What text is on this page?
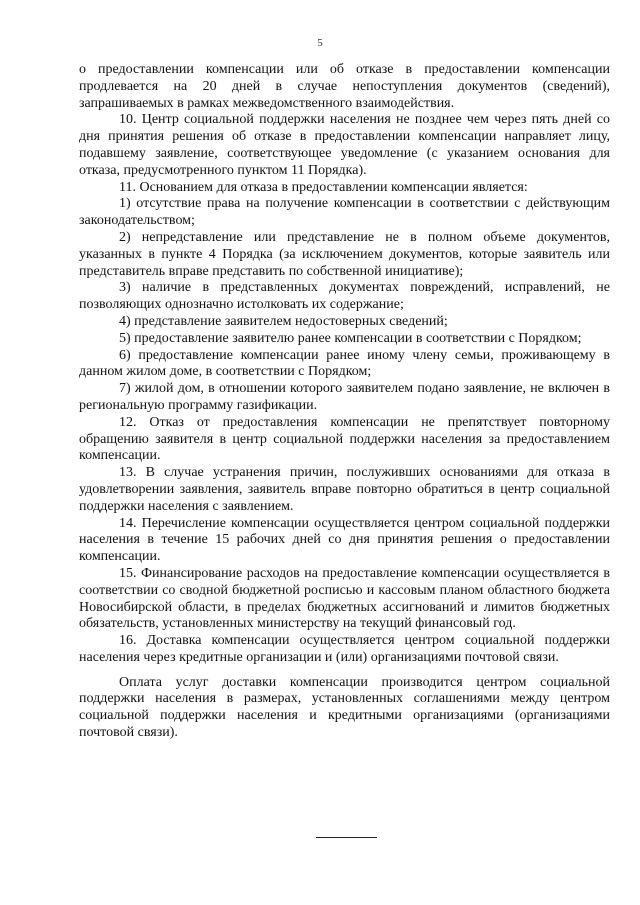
5

о предоставлении компенсации или об отказе в предоставлении компенсации продлевается на 20 дней в случае непоступления документов (сведений), запрашиваемых в рамках межведомственного взаимодействия.

10. Центр социальной поддержки населения не позднее чем через пять дней со дня принятия решения об отказе в предоставлении компенсации направляет лицу, подавшему заявление, соответствующее уведомление (с указанием основания для отказа, предусмотренного пунктом 11 Порядка).

11. Основанием для отказа в предоставлении компенсации является:

1) отсутствие права на получение компенсации в соответствии с действующим законодательством;

2) непредставление или представление не в полном объеме документов, указанных в пункте 4 Порядка (за исключением документов, которые заявитель или представитель вправе представить по собственной инициативе);

3) наличие в представленных документах повреждений, исправлений, не позволяющих однозначно истолковать их содержание;

4) представление заявителем недостоверных сведений;

5) предоставление заявителю ранее компенсации в соответствии с Порядком;

6) предоставление компенсации ранее иному члену семьи, проживающему в данном жилом доме, в соответствии с Порядком;

7) жилой дом, в отношении которого заявителем подано заявление, не включен в региональную программу газификации.

12. Отказ от предоставления компенсации не препятствует повторному обращению заявителя в центр социальной поддержки населения за предоставлением компенсации.

13. В случае устранения причин, послуживших основаниями для отказа в удовлетворении заявления, заявитель вправе повторно обратиться в центр социальной поддержки населения с заявлением.

14. Перечисление компенсации осуществляется центром социальной поддержки населения в течение 15 рабочих дней со дня принятия решения о предоставлении компенсации.

15. Финансирование расходов на предоставление компенсации осуществляется в соответствии со сводной бюджетной росписью и кассовым планом областного бюджета Новосибирской области, в пределах бюджетных ассигнований и лимитов бюджетных обязательств, установленных министерству на текущий финансовый год.

16. Доставка компенсации осуществляется центром социальной поддержки населения через кредитные организации и (или) организациями почтовой связи.

Оплата услуг доставки компенсации производится центром социальной поддержки населения в размерах, установленных соглашениями между центром социальной поддержки населения и кредитными организациями (организациями почтовой связи).
